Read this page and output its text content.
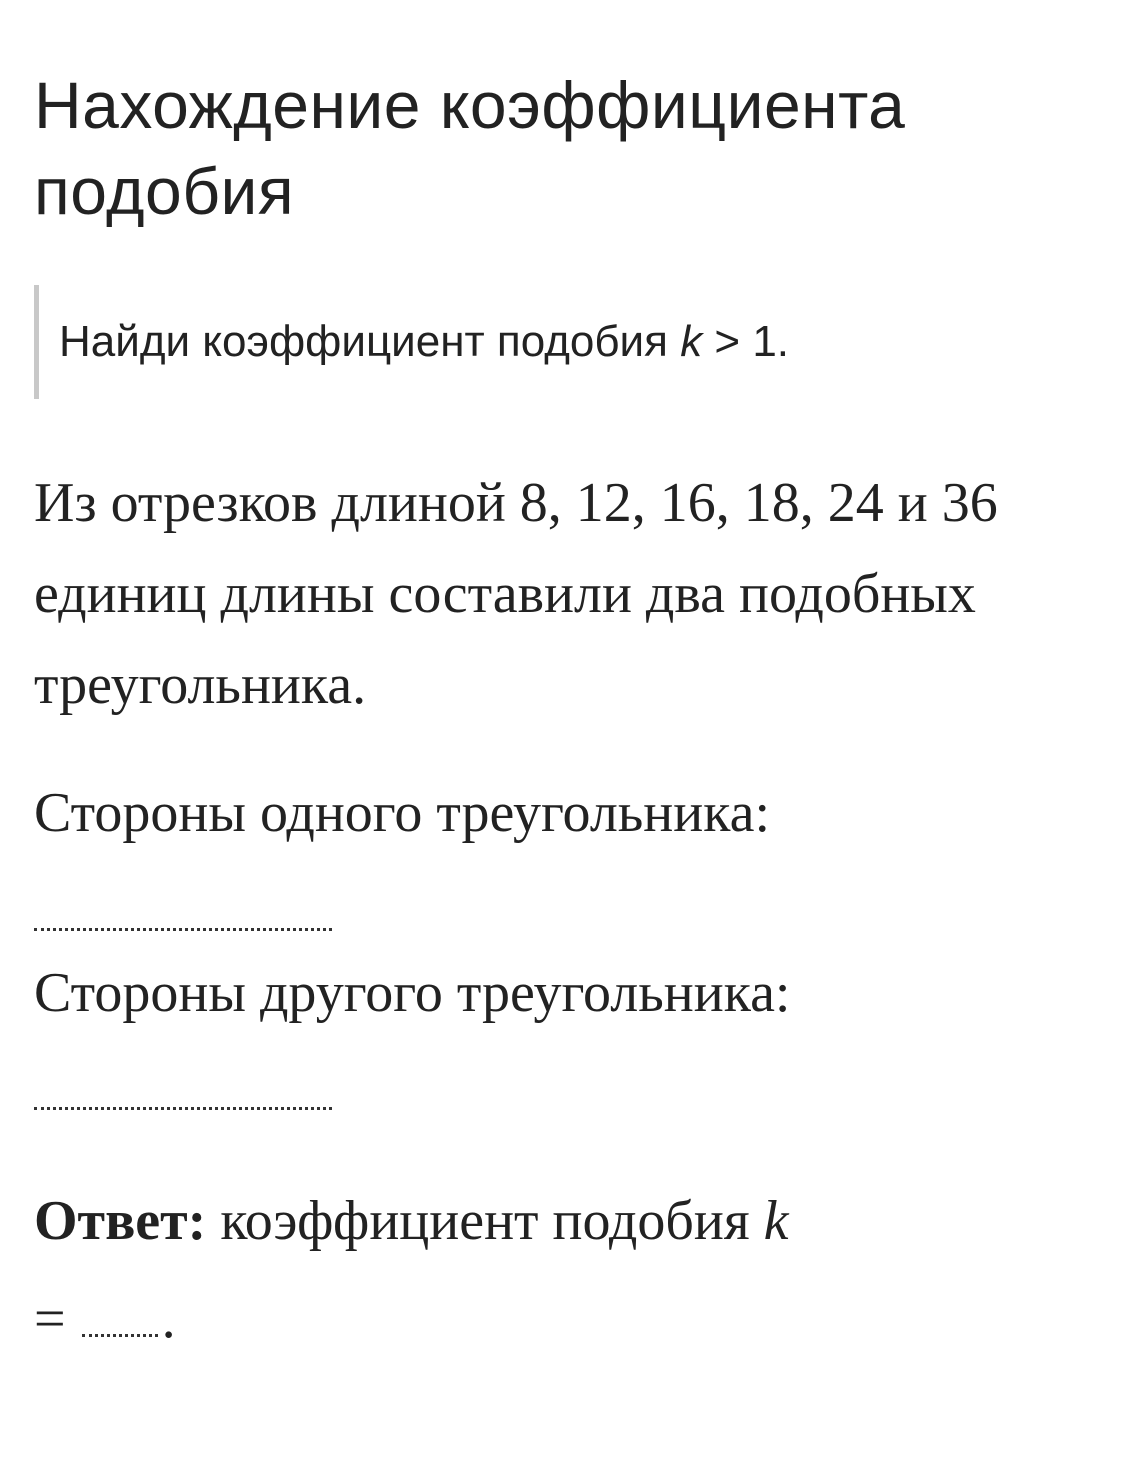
Нахождение коэффициента подобия
Найди коэффициент подобия k > 1.

Из отрезков длиной 8, 12, 16, 18, 24 и 36 единиц длины составили два подобных треугольника.

Стороны одного треугольника:

Стороны другого треугольника:

Ответ: коэффициент подобия k

= .
